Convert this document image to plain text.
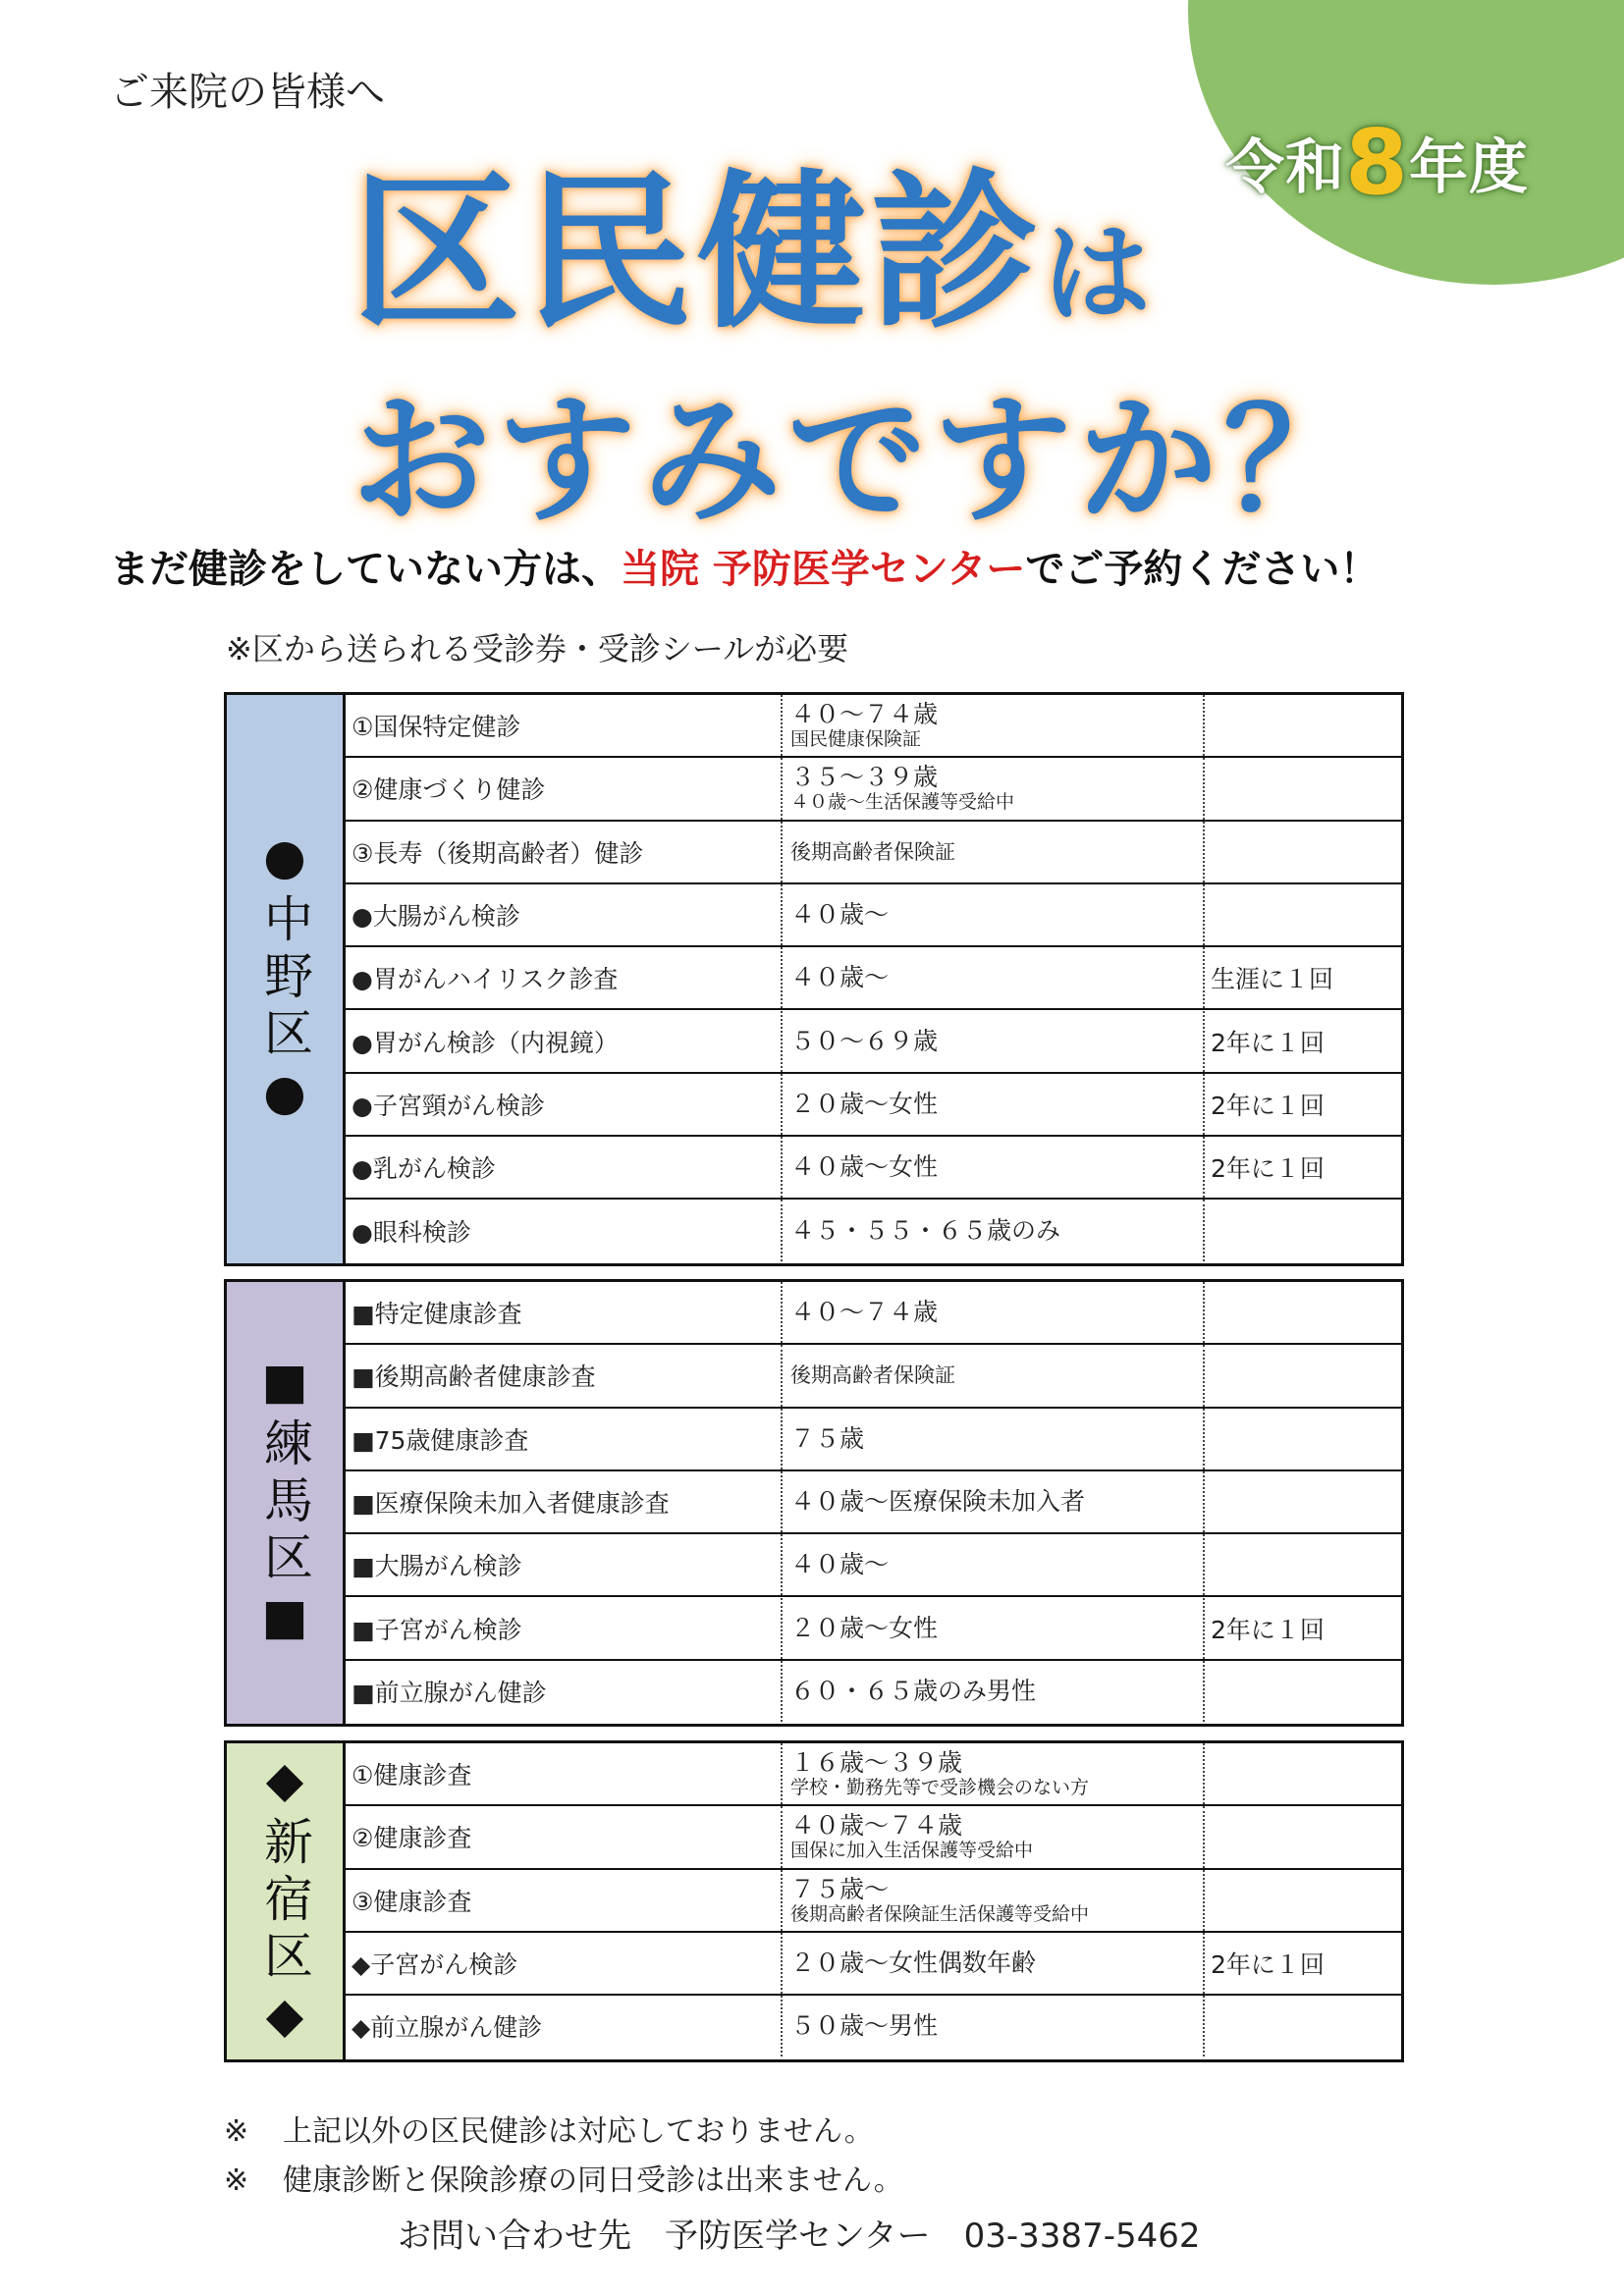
令和8年度
ご来院の皆様へ
区民健診は
おすみですか？
まだ健診をしていない方は、当院 予防医学センターでご予約ください！
※区から送られる受診券・受診シールが必要
●中野区●
①国保特定健診	４０～７４歳
国民健康保険証
②健康づくり健診	３５～３９歳
４０歳～生活保護等受給中
③長寿（後期高齢者）健診	後期高齢者保険証
●大腸がん検診	４０歳～
●胃がんハイリスク診査	４０歳～	生涯に１回
●胃がん検診（内視鏡）	５０～６９歳	2年に１回
●子宮頸がん検診	２０歳～女性	2年に１回
●乳がん検診	４０歳～女性	2年に１回
●眼科検診	４５・５５・６５歳のみ
■練馬区■
■特定健康診査	４０～７４歳
■後期高齢者健康診査	後期高齢者保険証
■75歳健康診査	７５歳
■医療保険未加入者健康診査	４０歳～医療保険未加入者
■大腸がん検診	４０歳～
■子宮がん検診	２０歳～女性	2年に１回
■前立腺がん健診	６０・６５歳のみ男性
◆新宿区◆ ①健康診査	１６歳～３９歳
学校・勤務先等で受診機会のない方
②健康診査	４０歳～７４歳
国保に加入生活保護等受給中
③健康診査	７５歳～
後期高齢者保険証生活保護等受給中
◆子宮がん検診	２０歳～女性偶数年齢	2年に１回
◆前立腺がん健診	５０歳～男性
※ 上記以外の区民健診は対応しておりません。
※ 健康診断と保険診療の同日受診は出来ません。
お問い合わせ先　予防医学センター　03-3387-5462
